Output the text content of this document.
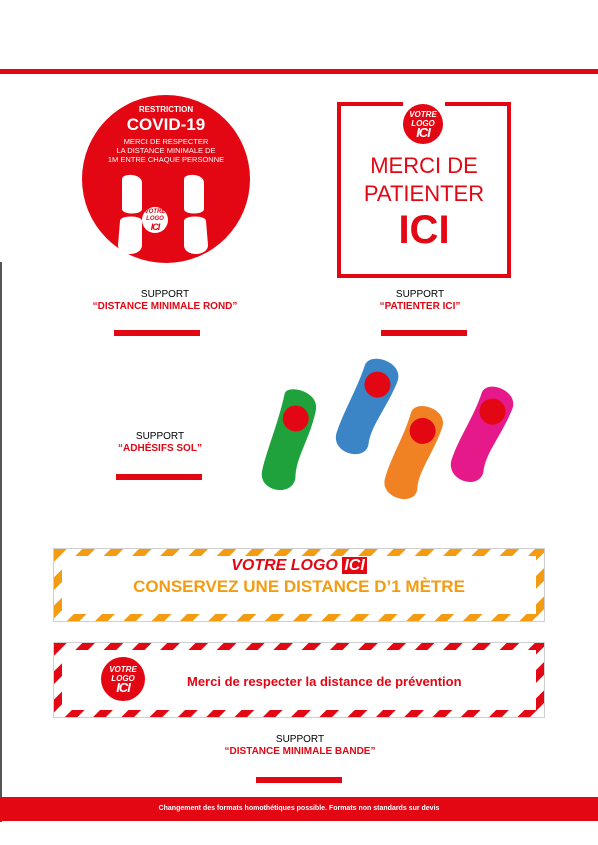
RESTRICTION
COVID-19
MERCI DE RESPECTER
LA DISTANCE MINIMALE DE
1M ENTRE CHAQUE PERSONNE
VOTRE
LOGO
ICI
SUPPORT
“DISTANCE MINIMALE ROND”
VOTRE
LOGO
ICI
MERCI DE
PATIENTER
ICI
SUPPORT
“PATIENTER ICI”
SUPPORT
“ADHÉSIFS SOL”
VOTRE LOGO ICI
CONSERVEZ UNE DISTANCE D’1 MÈTRE
VOTRE
LOGO
ICI	Merci de respecter la distance de prévention
SUPPORT
“DISTANCE MINIMALE BANDE”
Changement des formats homothétiques possible. Formats non standards sur devis
